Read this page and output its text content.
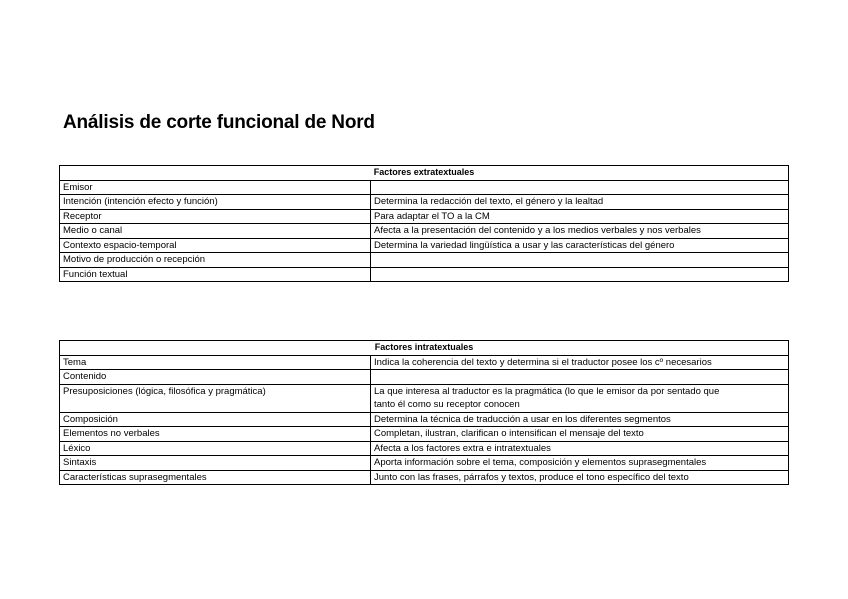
Análisis de corte funcional de Nord
Factores extratextuales	
Emisor	
Intención (intención efecto y función)	Determina la redacción del texto, el género y la lealtad
Receptor	Para adaptar el TO a la CM
Medio o canal	Afecta a la presentación del contenido y a los medios verbales y nos verbales
Contexto espacio-temporal	Determina la variedad lingüística a usar y las características del género
Motivo de producción o recepción	
Función textual	
Factores intratextuales	
Tema	Indica la coherencia del texto y determina si el traductor posee los cº necesarios
Contenido	
Presuposiciones (lógica, filosófica y pragmática)	La que interesa al traductor es la pragmática (lo que le emisor da por sentado que
tanto él como su receptor conocen

Composición	Determina la técnica de traducción a usar en los diferentes segmentos
Elementos no verbales	Completan, ilustran, clarifican o intensifican el mensaje del texto
Léxico	Afecta a los factores extra e intratextuales
Sintaxis	Aporta información sobre el tema, composición y elementos suprasegmentales
Características suprasegmentales	Junto con las frases, párrafos y textos, produce el tono específico del texto
